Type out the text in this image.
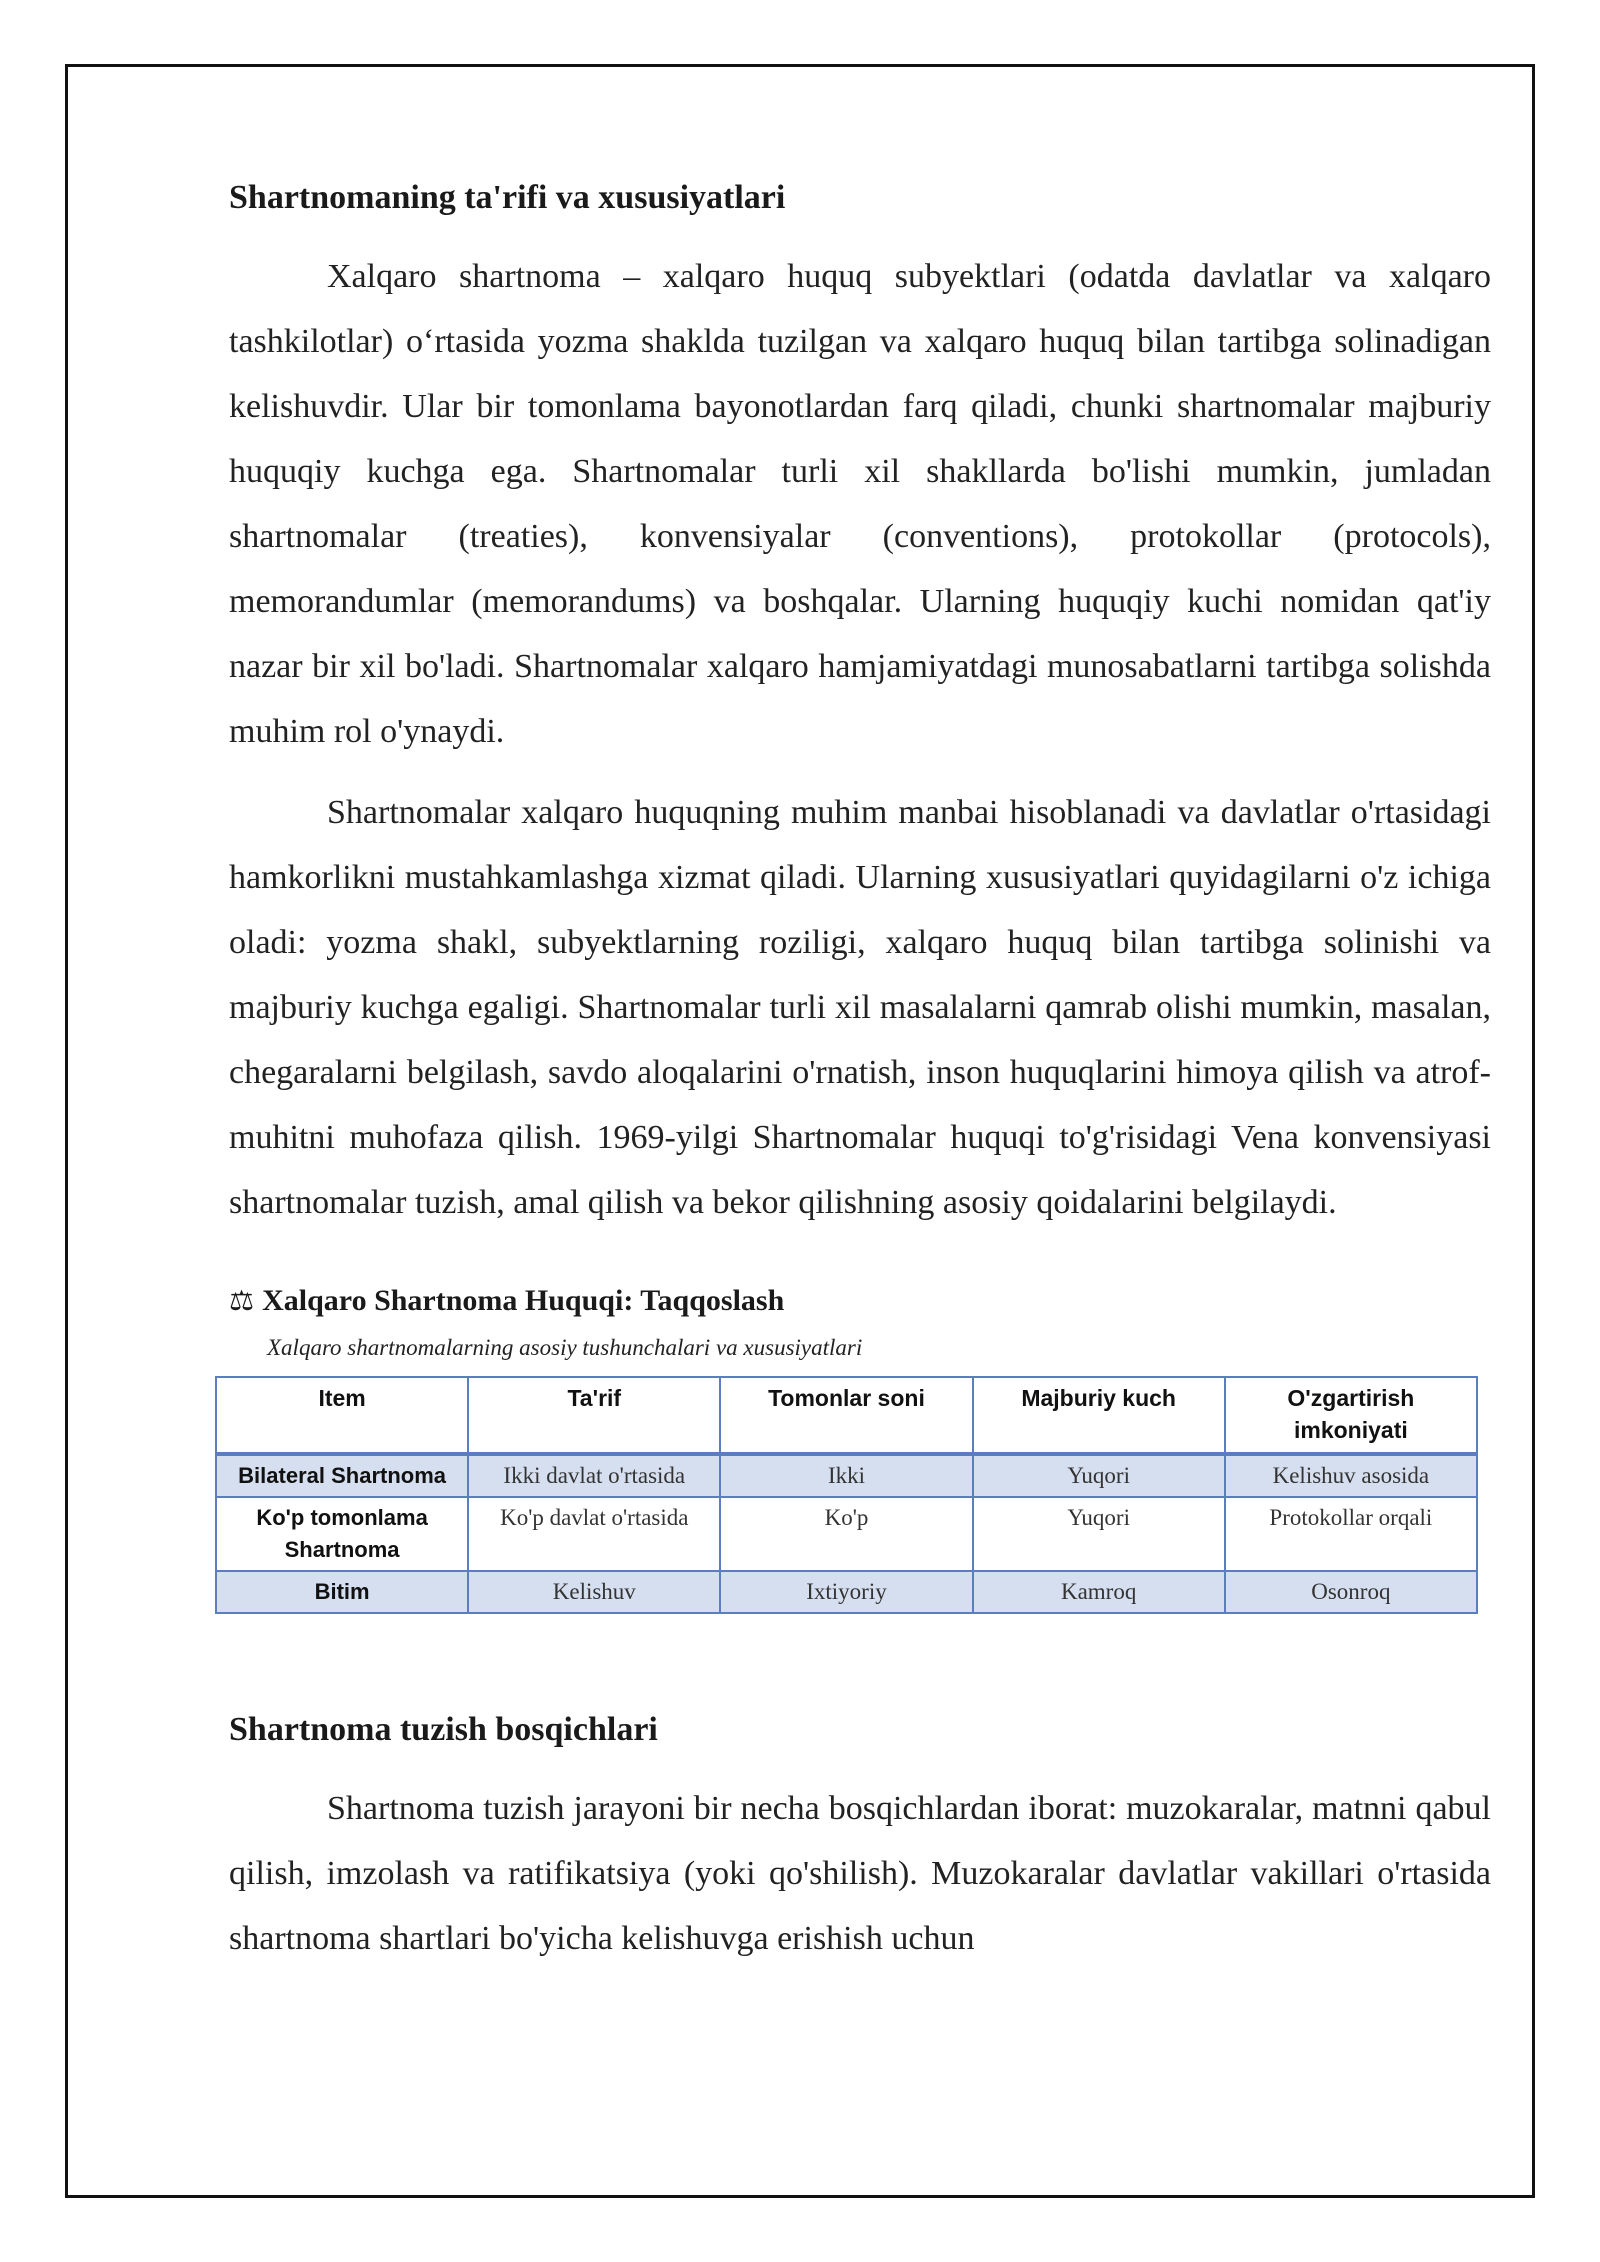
Shartnomaning ta'rifi va xususiyatlari

Xalqaro shartnoma – xalqaro huquq subyektlari (odatda davlatlar va xalqaro tashkilotlar) o‘rtasida yozma shaklda tuzilgan va xalqaro huquq bilan tartibga solinadigan kelishuvdir. Ular bir tomonlama bayonotlardan farq qiladi, chunki shartnomalar majburiy huquqiy kuchga ega. Shartnomalar turli xil shakllarda bo'lishi mumkin, jumladan shartnomalar (treaties), konvensiyalar (conventions), protokollar (protocols), memorandumlar (memorandums) va boshqalar. Ularning huquqiy kuchi nomidan qat'iy nazar bir xil bo'ladi. Shartnomalar xalqaro hamjamiyatdagi munosabatlarni tartibga solishda muhim rol o'ynaydi.

Shartnomalar xalqaro huquqning muhim manbai hisoblanadi va davlatlar o'rtasidagi hamkorlikni mustahkamlashga xizmat qiladi. Ularning xususiyatlari quyidagilarni o'z ichiga oladi: yozma shakl, subyektlarning roziligi, xalqaro huquq bilan tartibga solinishi va majburiy kuchga egaligi. Shartnomalar turli xil masalalarni qamrab olishi mumkin, masalan, chegaralarni belgilash, savdo aloqalarini o'rnatish, inson huquqlarini himoya qilish va atrof-muhitni muhofaza qilish. 1969-yilgi Shartnomalar huquqi to'g'risidagi Vena konvensiyasi shartnomalar tuzish, amal qilish va bekor qilishning asosiy qoidalarini belgilaydi.

⚖ Xalqaro Shartnoma Huquqi: Taqqoslash
Xalqaro shartnomalarning asosiy tushunchalari va xususiyatlari
Item	Ta'rif	Tomonlar soni	Majburiy kuch	O'zgartirish imkoniyati
Bilateral Shartnoma	Ikki davlat o'rtasida	Ikki	Yuqori	Kelishuv asosida
Ko'p tomonlama Shartnoma	Ko'p davlat o'rtasida	Ko'p	Yuqori	Protokollar orqali
Bitim	Kelishuv	Ixtiyoriy	Kamroq	Osonroq
Shartnoma tuzish bosqichlari

Shartnoma tuzish jarayoni bir necha bosqichlardan iborat: muzokaralar, matnni qabul qilish, imzolash va ratifikatsiya (yoki qo'shilish). Muzokaralar davlatlar vakillari o'rtasida shartnoma shartlari bo'yicha kelishuvga erishish uchun
